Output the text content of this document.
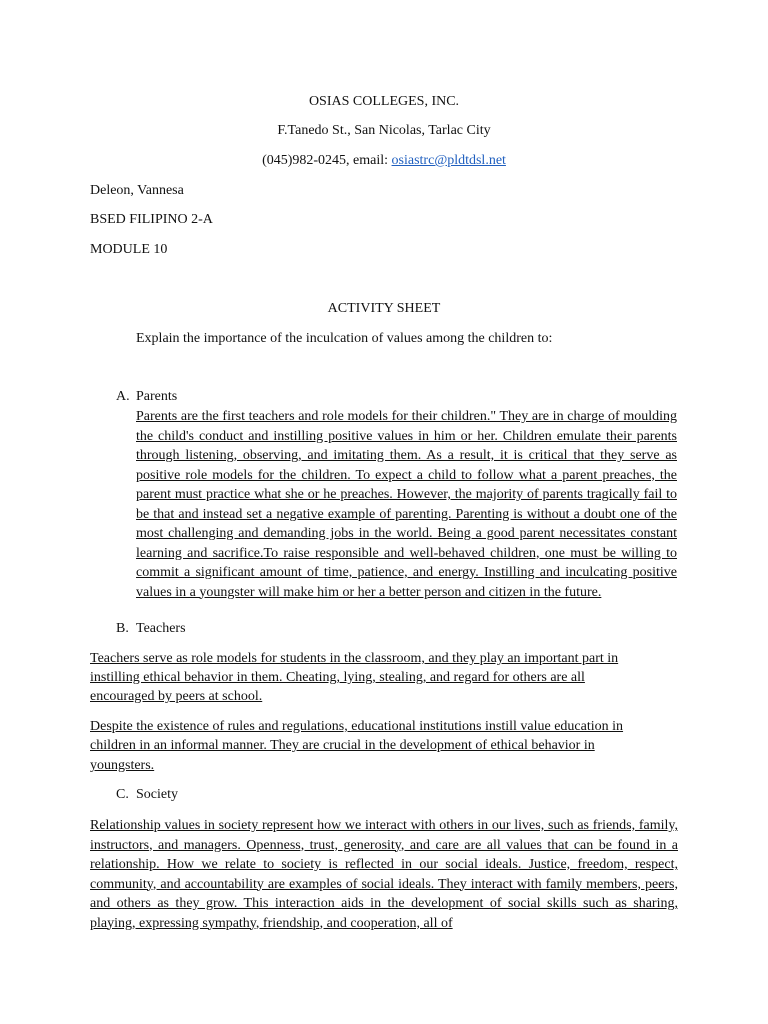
OSIAS COLLEGES, INC.
F.Tanedo St., San Nicolas, Tarlac City
(045)982-0245, email: osiastrc@pldtdsl.net
Deleon, Vannesa
BSED FILIPINO 2-A
MODULE 10
ACTIVITY SHEET
Explain the importance of the inculcation of values among the children to:
A. Parents
Parents are the first teachers and role models for their children." They are in charge of moulding the child's conduct and instilling positive values in him or her. Children emulate their parents through listening, observing, and imitating them. As a result, it is critical that they serve as positive role models for the children. To expect a child to follow what a parent preaches, the parent must practice what she or he preaches. However, the majority of parents tragically fail to be that and instead set a negative example of parenting. Parenting is without a doubt one of the most challenging and demanding jobs in the world. Being a good parent necessitates constant learning and sacrifice.To raise responsible and well-behaved children, one must be willing to commit a significant amount of time, patience, and energy. Instilling and inculcating positive values in a youngster will make him or her a better person and citizen in the future.
B. Teachers
Teachers serve as role models for students in the classroom, and they play an important part in
instilling ethical behavior in them. Cheating, lying, stealing, and regard for others are all
encouraged by peers at school.
Despite the existence of rules and regulations, educational institutions instill value education in
children in an informal manner. They are crucial in the development of ethical behavior in
youngsters.
C. Society
Relationship values in society represent how we interact with others in our lives, such as friends, family, instructors, and managers. Openness, trust, generosity, and care are all values that can be found in a relationship. How we relate to society is reflected in our social ideals. Justice, freedom, respect, community, and accountability are examples of social ideals. They interact with family members, peers, and others as they grow. This interaction aids in the development of social skills such as sharing, playing, expressing sympathy, friendship, and cooperation, all of
